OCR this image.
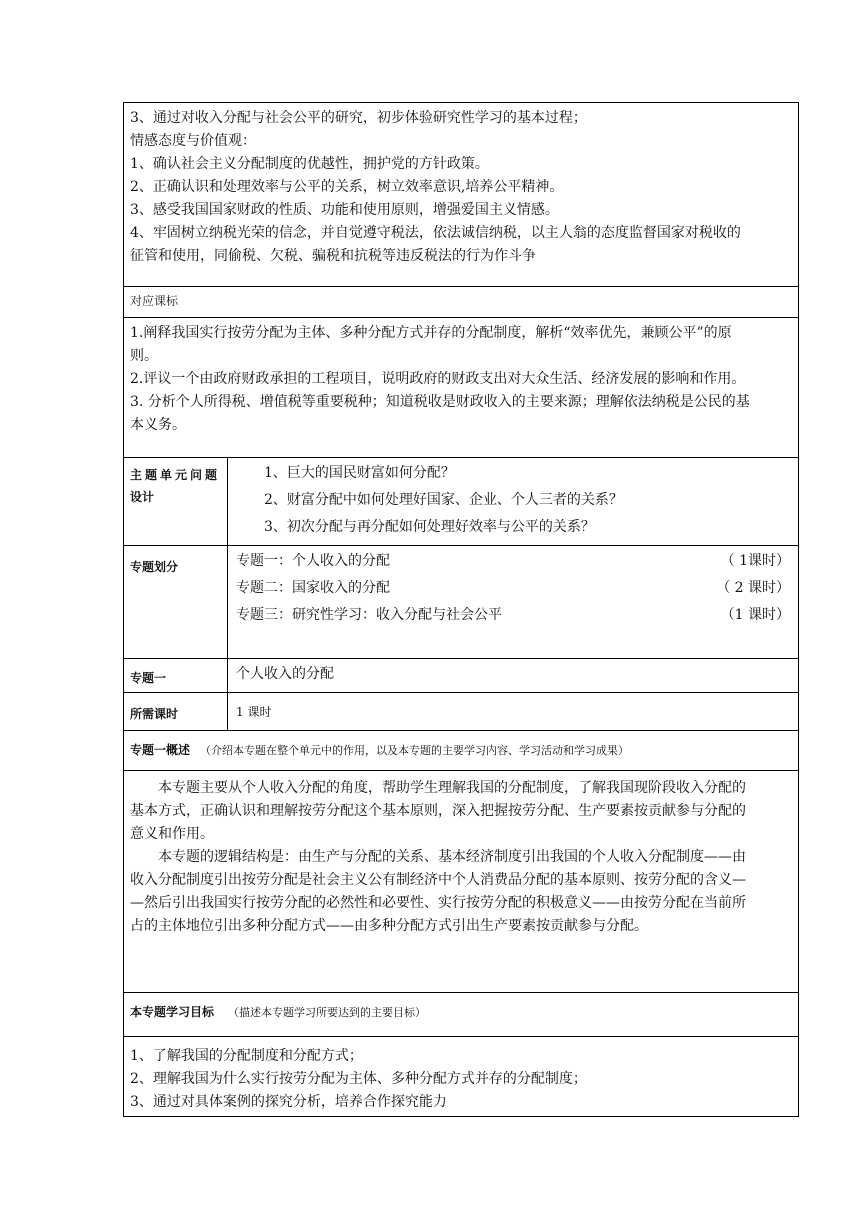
3、通过对收入分配与社会公平的研究，初步体验研究性学习的基本过程；
情感态度与价值观：
1、确认社会主义分配制度的优越性，拥护党的方针政策。
2、正确认识和处理效率与公平的关系，树立效率意识,培养公平精神。
3、感受我国国家财政的性质、功能和使用原则，增强爱国主义情感。
4、牢固树立纳税光荣的信念，并自觉遵守税法，依法诚信纳税，以主人翁的态度监督国家对税收的
征管和使用，同偷税、欠税、骗税和抗税等违反税法的行为作斗争
对应课标
1.阐释我国实行按劳分配为主体、多种分配方式并存的分配制度，解析“效率优先，兼顾公平”的原
则。
2.评议一个由政府财政承担的工程项目，说明政府的财政支出对大众生活、经济发展的影响和作用。
3. 分析个人所得税、增值税等重要税种；知道税收是财政收入的主要来源；理解依法纳税是公民的基
本义务。
主题单元问题
设计
1、巨大的国民财富如何分配？
2、财富分配中如何处理好国家、企业、个人三者的关系？
3、初次分配与再分配如何处理好效率与公平的关系？
专题划分	专题一：个人收入的分配	（ 1课时）
专题二：国家收入的分配	（ 2 课时）
专题三：研究性学习：收入分配与社会公平	（1 课时）
专题一	个人收入的分配
所需课时	1 课时
专题一概述 （介绍本专题在整个单元中的作用，以及本专题的主要学习内容、学习活动和学习成果）
本专题主要从个人收入分配的角度，帮助学生理解我国的分配制度，了解我国现阶段收入分配的
基本方式，正确认识和理解按劳分配这个基本原则，深入把握按劳分配、生产要素按贡献参与分配的
意义和作用。
本专题的逻辑结构是：由生产与分配的关系、基本经济制度引出我国的个人收入分配制度——由
收入分配制度引出按劳分配是社会主义公有制经济中个人消费品分配的基本原则、按劳分配的含义—
—然后引出我国实行按劳分配的必然性和必要性、实行按劳分配的积极意义——由按劳分配在当前所
占的主体地位引出多种分配方式——由多种分配方式引出生产要素按贡献参与分配。
本专题学习目标 （描述本专题学习所要达到的主要目标）
1、了解我国的分配制度和分配方式；
2、理解我国为什么实行按劳分配为主体、多种分配方式并存的分配制度；
3、通过对具体案例的探究分析，培养合作探究能力
